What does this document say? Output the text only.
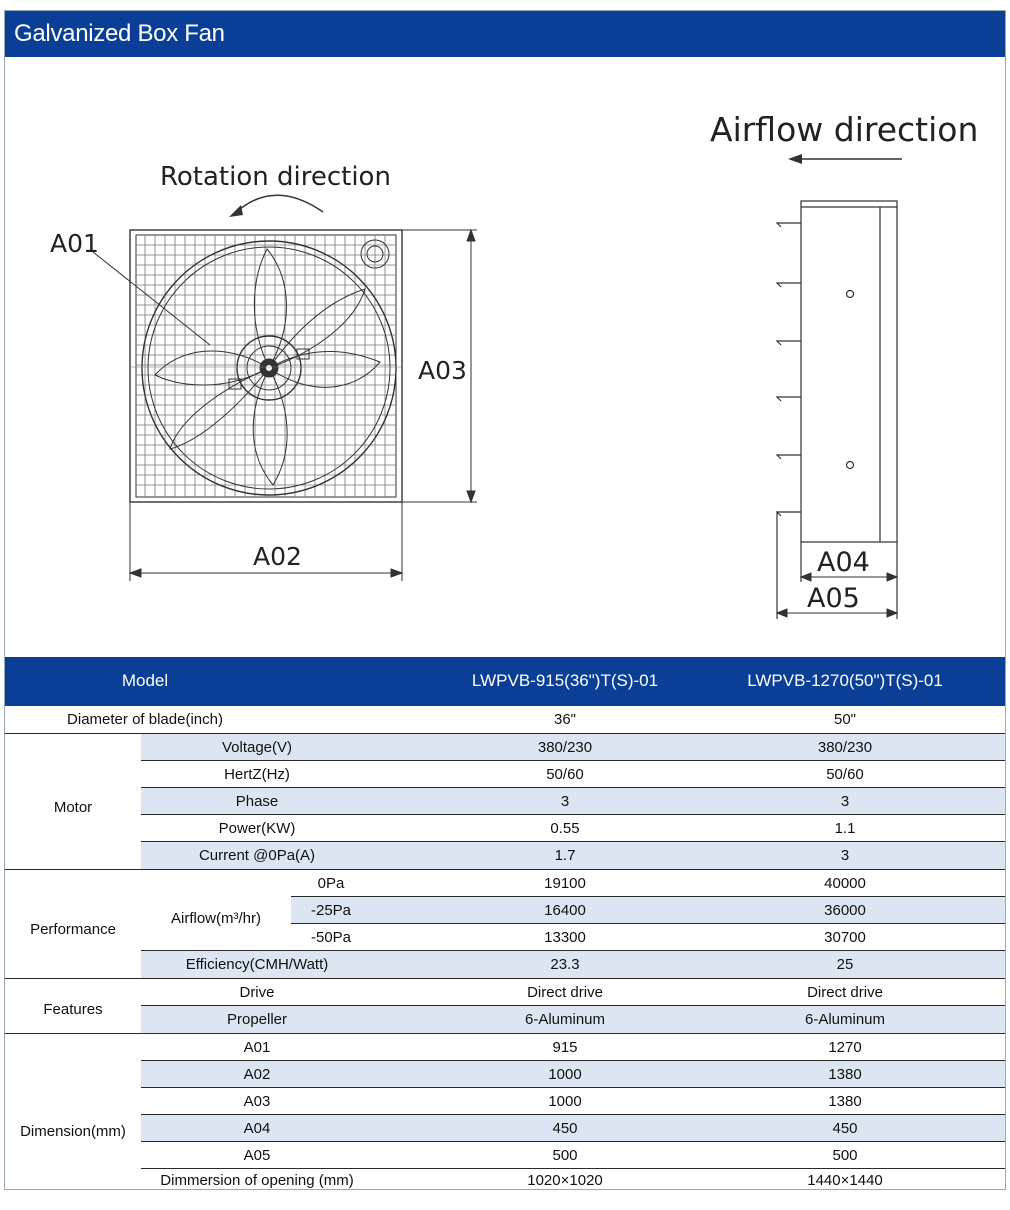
Galvanized Box Fan
Rotation direction
A01
A02
A03
Airflow direction
A04
A05
Model	LWPVB-915(36")T(S)-01	LWPVB-1270(50")T(S)-01
Diameter of blade(inch)	36"	50"
Motor
Voltage(V)	380/230	380/230
HertZ(Hz)	50/60	50/60
Phase	3	3
Power(KW)	0.55	1.1
Current @0Pa(A)	1.7	3
Performance
Airflow(m³/hr)
0Pa	19100	40000
-25Pa	16400	36000
-50Pa	13300	30700
Efficiency(CMH/Watt)	23.3	25
Features
Drive	Direct drive	Direct drive
Propeller	6-Aluminum	6-Aluminum
Dimension(mm)
A01	915	1270
A02	1000	1380
A03	1000	1380
A04	450	450
A05	500	500
Dimmersion of opening (mm)	1020×1020	1440×1440
